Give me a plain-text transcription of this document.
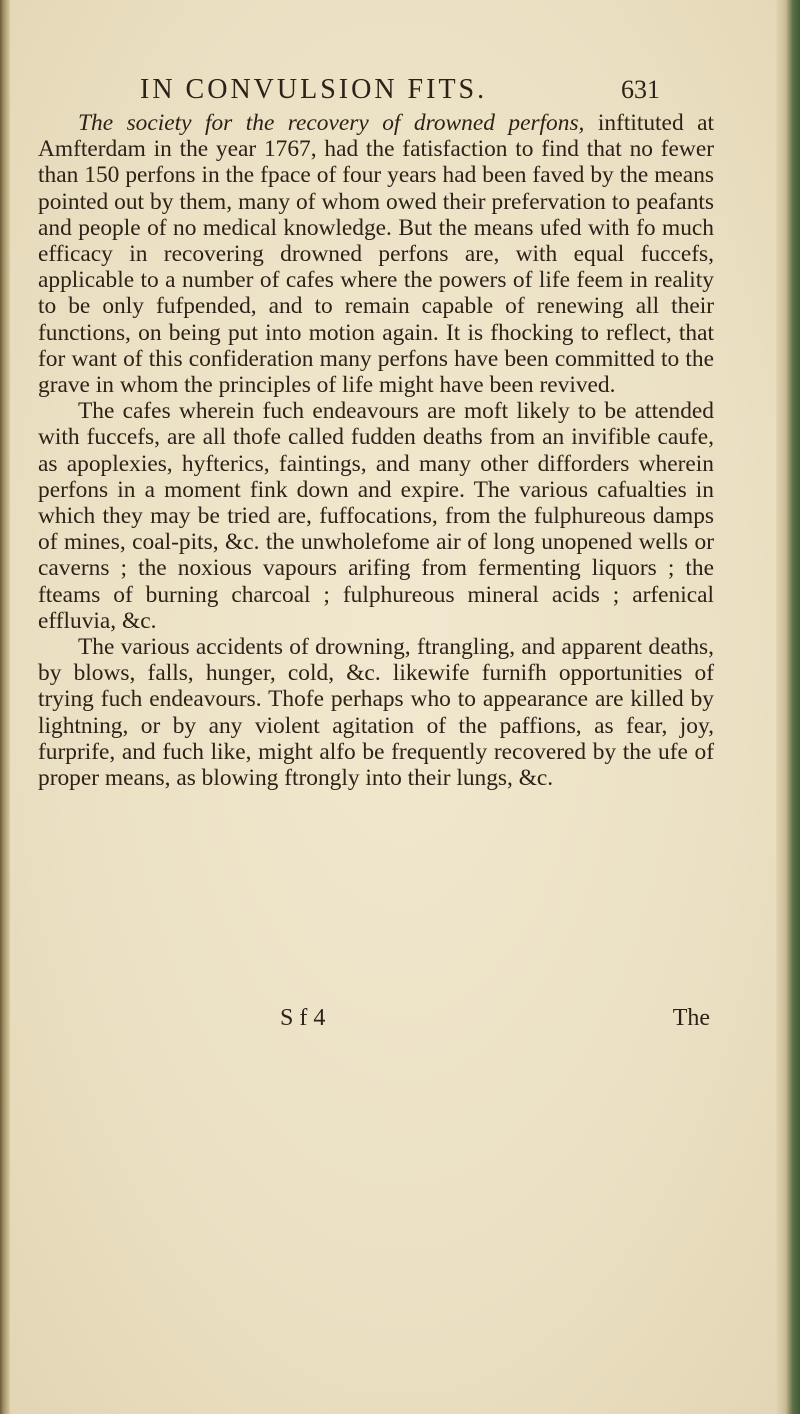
IN CONVULSION FITS.	631

The society for the recovery of drowned perfons, inftituted at Amfterdam in the year 1767, had the fatisfaction to find that no fewer than 150 perfons in the fpace of four years had been faved by the means pointed out by them, many of whom owed their prefervation to peafants and people of no medical knowledge. But the means ufed with fo much efficacy in recovering drowned perfons are, with equal fuccefs, applicable to a number of cafes where the powers of life feem in reality to be only fufpended, and to remain capable of renewing all their functions, on being put into motion again. It is fhocking to reflect, that for want of this confideration many perfons have been committed to the grave in whom the principles of life might have been revived.

The cafes wherein fuch endeavours are moft likely to be attended with fuccefs, are all thofe called fudden deaths from an invifible caufe, as apoplexies, hyfterics, faintings, and many other difforders wherein perfons in a moment fink down and expire. The various cafualties in which they may be tried are, fuffocations, from the fulphureous damps of mines, coal-pits, &c. the unwholefome air of long unopened wells or caverns ; the noxious vapours arifing from fermenting liquors ; the fteams of burning charcoal ; fulphureous mineral acids ; arfenical effluvia, &c.

The various accidents of drowning, ftrangling, and apparent deaths, by blows, falls, hunger, cold, &c. likewife furnifh opportunities of trying fuch endeavours. Thofe perhaps who to appearance are killed by lightning, or by any violent agitation of the paffions, as fear, joy, furprife, and fuch like, might alfo be frequently recovered by the ufe of proper means, as blowing ftrongly into their lungs, &c.

S f 4	The
